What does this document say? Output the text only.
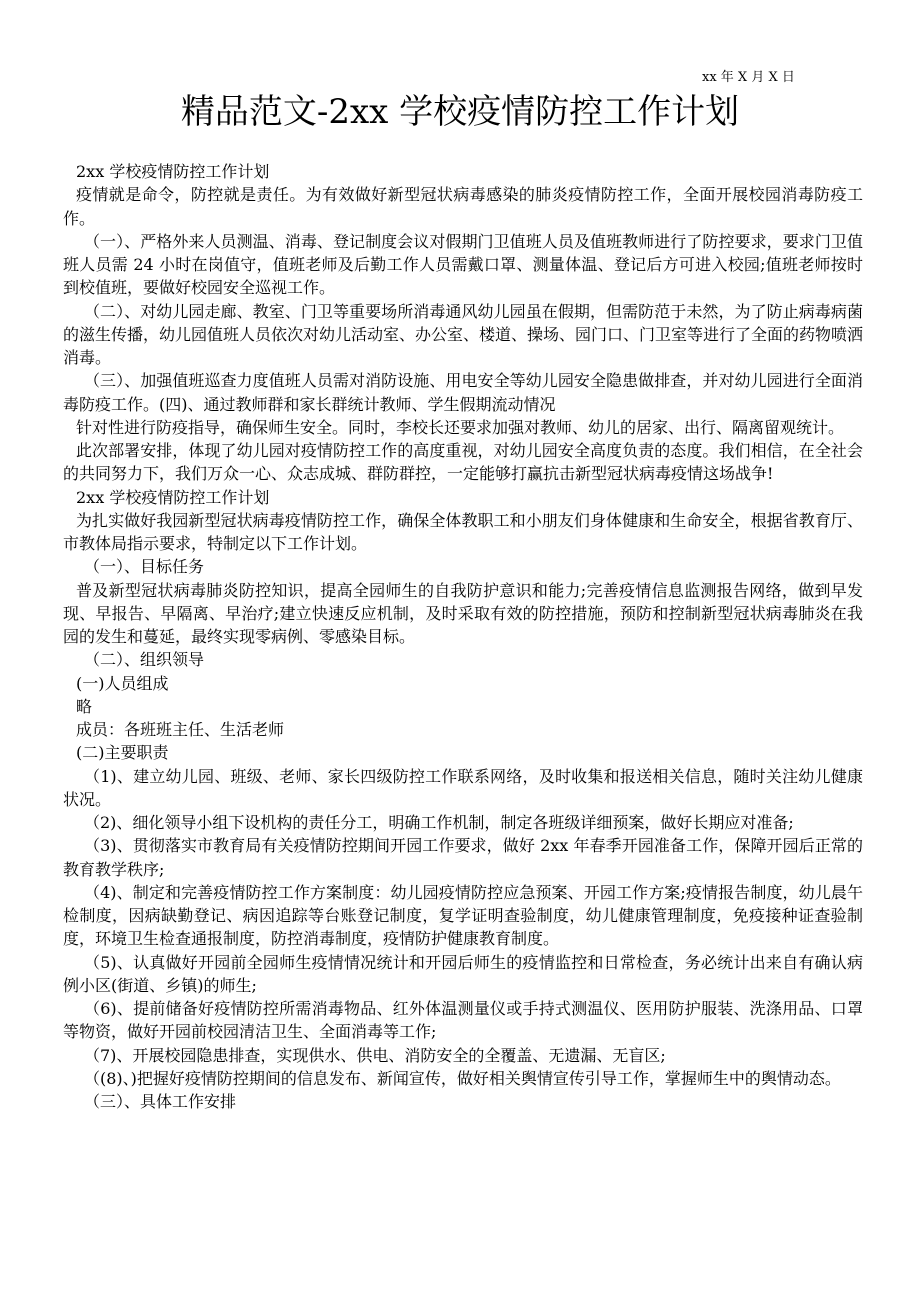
xx 年 X 月 X 日
精品范文-2xx 学校疫情防控工作计划

2xx 学校疫情防控工作计划

疫情就是命令，防控就是责任。为有效做好新型冠状病毒感染的肺炎疫情防控工作，全面开展校园消毒防疫工作。

（一）、严格外来人员测温、消毒、登记制度会议对假期门卫值班人员及值班教师进行了防控要求，要求门卫值班人员需 24 小时在岗值守，值班老师及后勤工作人员需戴口罩、测量体温、登记后方可进入校园;值班老师按时到校值班，要做好校园安全巡视工作。

（二）、对幼儿园走廊、教室、门卫等重要场所消毒通风幼儿园虽在假期，但需防范于未然，为了防止病毒病菌的滋生传播，幼儿园值班人员依次对幼儿活动室、办公室、楼道、操场、园门口、门卫室等进行了全面的药物喷洒消毒。

（三）、加强值班巡查力度值班人员需对消防设施、用电安全等幼儿园安全隐患做排查，并对幼儿园进行全面消毒防疫工作。(四)、通过教师群和家长群统计教师、学生假期流动情况

针对性进行防疫指导，确保师生安全。同时，李校长还要求加强对教师、幼儿的居家、出行、隔离留观统计。

此次部署安排，体现了幼儿园对疫情防控工作的高度重视，对幼儿园安全高度负责的态度。我们相信，在全社会的共同努力下，我们万众一心、众志成城、群防群控，一定能够打赢抗击新型冠状病毒疫情这场战争!

2xx 学校疫情防控工作计划

为扎实做好我园新型冠状病毒疫情防控工作，确保全体教职工和小朋友们身体健康和生命安全，根据省教育厅、市教体局指示要求，特制定以下工作计划。

（一）、目标任务

普及新型冠状病毒肺炎防控知识，提高全园师生的自我防护意识和能力;完善疫情信息监测报告网络，做到早发现、早报告、早隔离、早治疗;建立快速反应机制，及时采取有效的防控措施，预防和控制新型冠状病毒肺炎在我园的发生和蔓延，最终实现零病例、零感染目标。

（二）、组织领导

(一)人员组成

略

成员：各班班主任、生活老师

(二)主要职责

（1)、建立幼儿园、班级、老师、家长四级防控工作联系网络，及时收集和报送相关信息，随时关注幼儿健康状况。

（2)、细化领导小组下设机构的责任分工，明确工作机制，制定各班级详细预案，做好长期应对准备;

（3)、贯彻落实市教育局有关疫情防控期间开园工作要求，做好 2xx 年春季开园准备工作，保障开园后正常的教育教学秩序;

（4)、制定和完善疫情防控工作方案制度：幼儿园疫情防控应急预案、开园工作方案;疫情报告制度，幼儿晨午检制度，因病缺勤登记、病因追踪等台账登记制度，复学证明查验制度，幼儿健康管理制度，免疫接种证查验制度，环境卫生检查通报制度，防控消毒制度，疫情防护健康教育制度。

（5)、认真做好开园前全园师生疫情情况统计和开园后师生的疫情监控和日常检查，务必统计出来自有确认病例小区(街道、乡镇)的师生;

（6)、提前储备好疫情防控所需消毒物品、红外体温测量仪或手持式测温仪、医用防护服装、洗涤用品、口罩等物资，做好开园前校园清洁卫生、全面消毒等工作;

（7)、开展校园隐患排查，实现供水、供电、消防安全的全覆盖、无遗漏、无盲区;

（(8)、)把握好疫情防控期间的信息发布、新闻宣传，做好相关舆情宣传引导工作，掌握师生中的舆情动态。

（三）、具体工作安排
